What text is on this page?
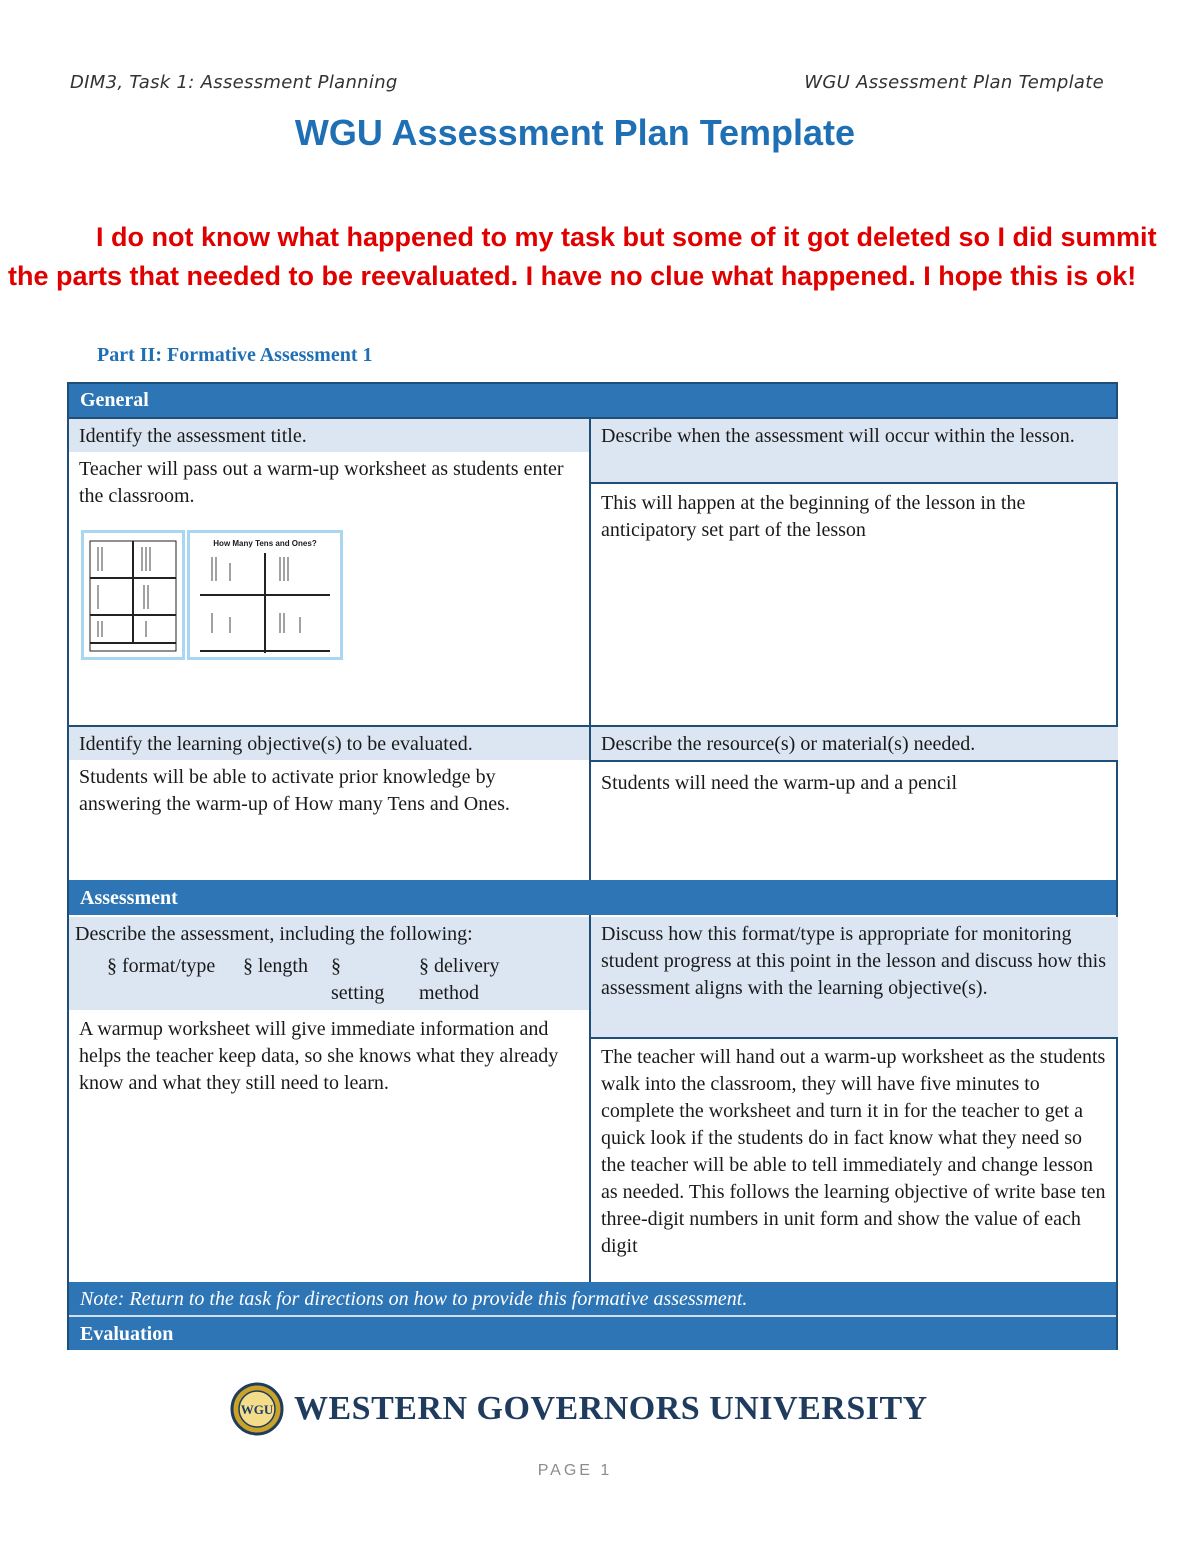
DIM3, Task 1: Assessment Planning	WGU Assessment Plan Template
WGU Assessment Plan Template
I do not know what happened to my task but some of it got deleted so I did summit the parts that needed to be reevaluated. I have no clue what happened. I hope this is ok!
Part II: Formative Assessment 1
General
Identify the assessment title.
Teacher will pass out a warm-up worksheet as students enter the classroom.
How Many Tens and Ones?
Describe when the assessment will occur within the lesson.
This will happen at the beginning of the lesson in the anticipatory set part of the lesson
Identify the learning objective(s) to be evaluated.
Students will be able to activate prior knowledge by answering the warm-up of How many Tens and Ones.
Describe the resource(s) or material(s) needed.
Students will need the warm-up and a pencil
Assessment
Describe the assessment, including the following:
§ format/type § length § setting
§ delivery method
A warmup worksheet will give immediate information and helps the teacher keep data, so she knows what they already know and what they still need to learn.
Discuss how this format/type is appropriate for monitoring student progress at this point in the lesson and discuss how this assessment aligns with the learning objective(s).
The teacher will hand out a warm-up worksheet as the students walk into the classroom, they will have five minutes to complete the worksheet and turn it in for the teacher to get a quick look if the students do in fact know what they need so the teacher will be able to tell immediately and change lesson as needed. This follows the learning objective of write base ten three-digit numbers in unit form and show the value of each digit
Note: Return to the task for directions on how to provide this formative assessment.
Evaluation
WGU WESTERN GOVERNORS UNIVERSITY
PAGE 1
